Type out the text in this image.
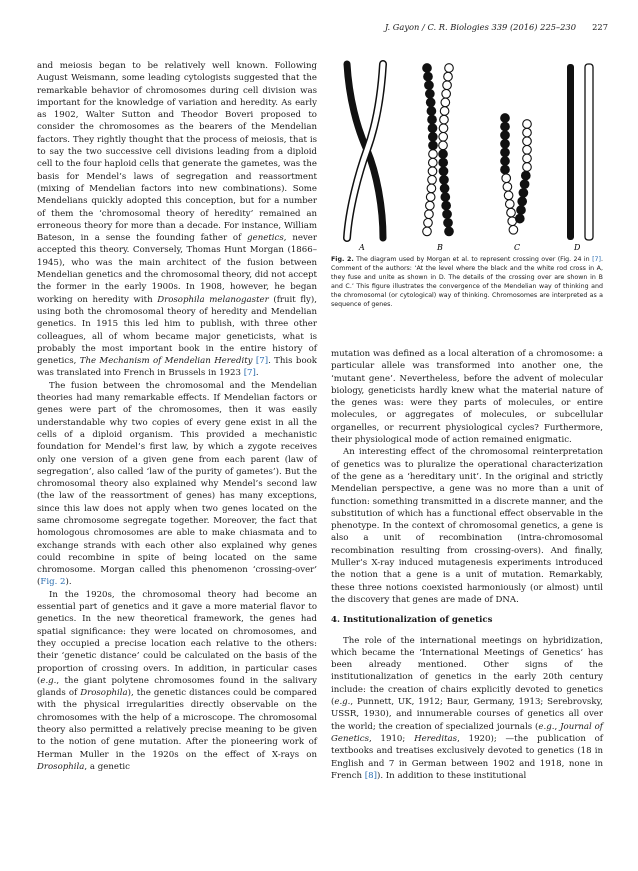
J. Gayon / C. R. Biologies 339 (2016) 225–230 227

and meiosis began to be relatively well known. Following August Weismann, some leading cytologists suggested that the remarkable behavior of chromosomes during cell division was important for the knowledge of variation and heredity. As early as 1902, Walter Sutton and Theodor Boveri proposed to consider the chromosomes as the bearers of the Mendelian factors. They rightly thought that the process of meiosis, that is to say the two successive cell divisions leading from a diploid cell to the four haploid cells that generate the gametes, was the basis for Mendel’s laws of segregation and reassortment (mixing of Mendelian factors into new combinations). Some Mendelians quickly adopted this conception, but for a number of them the ‘chromosomal theory of heredity’ remained an erroneous theory for more than a decade. For instance, William Bateson, in a sense the founding father of genetics, never accepted this theory. Conversely, Thomas Hunt Morgan (1866–1945), who was the main architect of the fusion between Mendelian genetics and the chromosomal theory, did not accept the former in the early 1900s. In 1908, however, he began working on heredity with Drosophila melanogaster (fruit fly), using both the chromosomal theory of heredity and Mendelian genetics. In 1915 this led him to publish, with three other colleagues, all of whom became major geneticists, what is probably the most important book in the entire history of genetics, The Mechanism of Mendelian Heredity [7]. This book was translated into French in Brussels in 1923 [7].

The fusion between the chromosomal and the Mendelian theories had many remarkable effects. If Mendelian factors or genes were part of the chromosomes, then it was easily understandable why two copies of every gene exist in all the cells of a diploid organism. This provided a mechanistic foundation for Mendel’s first law, by which a zygote receives only one version of a given gene from each parent (law of segregation’, also called ‘law of the purity of gametes’). But the chromosomal theory also explained why Mendel’s second law (the law of the reassortment of genes) has many exceptions, since this law does not apply when two genes located on the same chromosome segregate together. Moreover, the fact that homologous chromosomes are able to make chiasmata and to exchange strands with each other also explained why genes could recombine in spite of being located on the same chromosome. Morgan called this phenomenon ‘crossing-over’ (Fig. 2).

In the 1920s, the chromosomal theory had become an essential part of genetics and it gave a more material flavor to genetics. In the new theoretical framework, the genes had spatial significance: they were located on chromosomes, and they occupied a precise location each relative to the others: their ‘genetic distance’ could be calculated on the basis of the proportion of crossing overs. In addition, in particular cases (e.g., the giant polytene chromosomes found in the salivary glands of Drosophila), the genetic distances could be compared with the physical irregularities directly observable on the chromosomes with the help of a microscope. The chromosomal theory also permitted a relatively precise meaning to be given to the notion of gene mutation. After the pioneering work of Herman Muller in the 1920s on the effect of X-rays on Drosophila, a genetic

A	B	C	D
Fig. 2. The diagram used by Morgan et al. to represent crossing over (Fig. 24 in [7]. Comment of the authors: ‘At the level where the black and the white rod cross in A, they fuse and unite as shown in D. The details of the crossing over are shown in B and C.’ This figure illustrates the convergence of the Mendelian way of thinking and the chromosomal (or cytological) way of thinking. Chromosomes are interpreted as a sequence of genes.

mutation was defined as a local alteration of a chromosome: a particular allele was transformed into another one, the ‘mutant gene’. Nevertheless, before the advent of molecular biology, geneticists hardly knew what the material nature of the genes was: were they parts of molecules, or entire molecules, or aggregates of molecules, or subcellular organelles, or recurrent physiological cycles? Furthermore, their physiological mode of action remained enigmatic.

An interesting effect of the chromosomal reinterpretation of genetics was to pluralize the operational characterization of the gene as a ‘hereditary unit’. In the original and strictly Mendelian perspective, a gene was no more than a unit of function: something transmitted in a discrete manner, and the substitution of which has a functional effect observable in the phenotype. In the context of chromosomal genetics, a gene is also a unit of recombination (intra-chromosomal recombination resulting from crossing-overs). And finally, Muller’s X-ray induced mutagenesis experiments introduced the notion that a gene is a unit of mutation. Remarkably, these three notions coexisted harmoniously (or almost) until the discovery that genes are made of DNA.

4. Institutionalization of genetics

The role of the international meetings on hybridization, which became the ‘International Meetings of Genetics’ has been already mentioned. Other signs of the institutionalization of genetics in the early 20th century include: the creation of chairs explicitly devoted to genetics (e.g., Punnett, UK, 1912; Baur, Germany, 1913; Serebrovsky, USSR, 1930), and innumerable courses of genetics all over the world; the creation of specialized journals (e.g., Journal of Genetics, 1910; Hereditas, 1920); —the publication of textbooks and treatises exclusively devoted to genetics (18 in English and 7 in German between 1902 and 1918, none in French [8]). In addition to these institutional
